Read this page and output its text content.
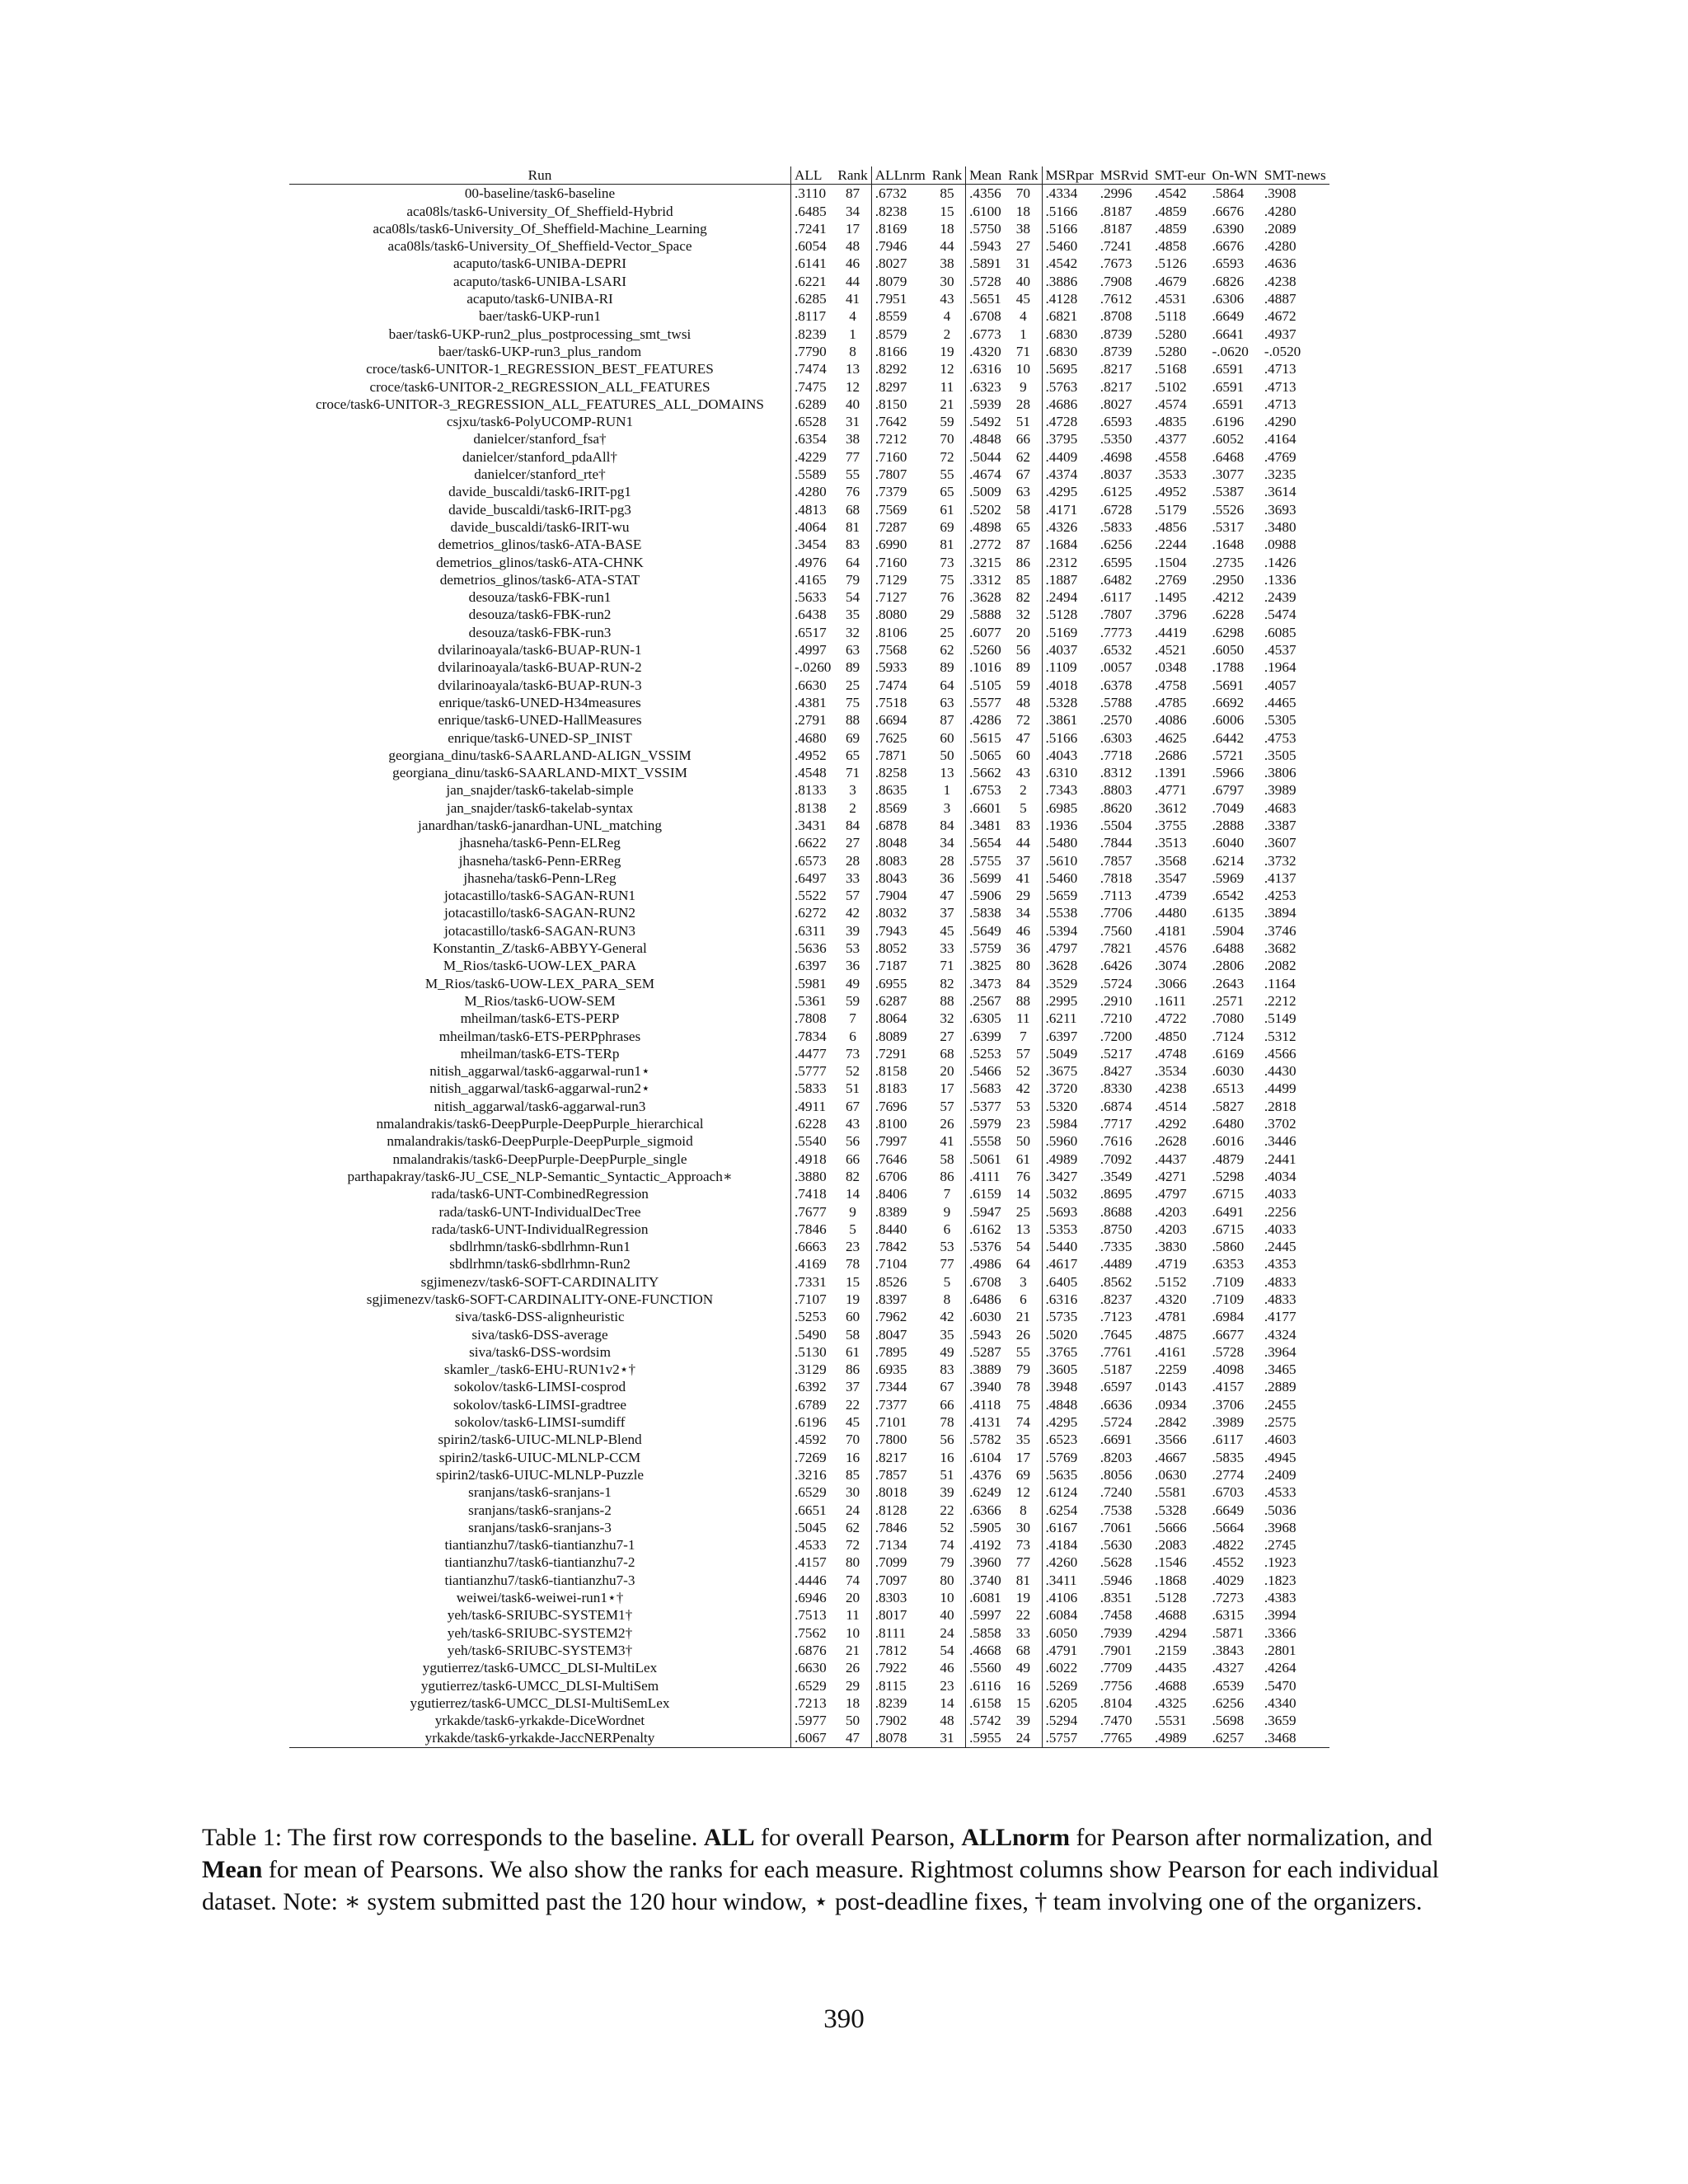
Run	ALL	Rank	ALLnrm	Rank	Mean	Rank	MSRpar	MSRvid	SMT-eur	On-WN	SMT-news
00-baseline/task6-baseline	.3110	87	.6732	85	.4356	70	.4334	.2996	.4542	.5864	.3908
aca08ls/task6-University_Of_Sheffield-Hybrid	.6485	34	.8238	15	.6100	18	.5166	.8187	.4859	.6676	.4280
aca08ls/task6-University_Of_Sheffield-Machine_Learning	.7241	17	.8169	18	.5750	38	.5166	.8187	.4859	.6390	.2089
aca08ls/task6-University_Of_Sheffield-Vector_Space	.6054	48	.7946	44	.5943	27	.5460	.7241	.4858	.6676	.4280
acaputo/task6-UNIBA-DEPRI	.6141	46	.8027	38	.5891	31	.4542	.7673	.5126	.6593	.4636
acaputo/task6-UNIBA-LSARI	.6221	44	.8079	30	.5728	40	.3886	.7908	.4679	.6826	.4238
acaputo/task6-UNIBA-RI	.6285	41	.7951	43	.5651	45	.4128	.7612	.4531	.6306	.4887
baer/task6-UKP-run1	.8117	4	.8559	4	.6708	4	.6821	.8708	.5118	.6649	.4672
baer/task6-UKP-run2_plus_postprocessing_smt_twsi	.8239	1	.8579	2	.6773	1	.6830	.8739	.5280	.6641	.4937
baer/task6-UKP-run3_plus_random	.7790	8	.8166	19	.4320	71	.6830	.8739	.5280	-.0620	-.0520
croce/task6-UNITOR-1_REGRESSION_BEST_FEATURES	.7474	13	.8292	12	.6316	10	.5695	.8217	.5168	.6591	.4713
croce/task6-UNITOR-2_REGRESSION_ALL_FEATURES	.7475	12	.8297	11	.6323	9	.5763	.8217	.5102	.6591	.4713
croce/task6-UNITOR-3_REGRESSION_ALL_FEATURES_ALL_DOMAINS	.6289	40	.8150	21	.5939	28	.4686	.8027	.4574	.6591	.4713
csjxu/task6-PolyUCOMP-RUN1	.6528	31	.7642	59	.5492	51	.4728	.6593	.4835	.6196	.4290
danielcer/stanford_fsa†	.6354	38	.7212	70	.4848	66	.3795	.5350	.4377	.6052	.4164
danielcer/stanford_pdaAll†	.4229	77	.7160	72	.5044	62	.4409	.4698	.4558	.6468	.4769
danielcer/stanford_rte†	.5589	55	.7807	55	.4674	67	.4374	.8037	.3533	.3077	.3235
davide_buscaldi/task6-IRIT-pg1	.4280	76	.7379	65	.5009	63	.4295	.6125	.4952	.5387	.3614
davide_buscaldi/task6-IRIT-pg3	.4813	68	.7569	61	.5202	58	.4171	.6728	.5179	.5526	.3693
davide_buscaldi/task6-IRIT-wu	.4064	81	.7287	69	.4898	65	.4326	.5833	.4856	.5317	.3480
demetrios_glinos/task6-ATA-BASE	.3454	83	.6990	81	.2772	87	.1684	.6256	.2244	.1648	.0988
demetrios_glinos/task6-ATA-CHNK	.4976	64	.7160	73	.3215	86	.2312	.6595	.1504	.2735	.1426
demetrios_glinos/task6-ATA-STAT	.4165	79	.7129	75	.3312	85	.1887	.6482	.2769	.2950	.1336
desouza/task6-FBK-run1	.5633	54	.7127	76	.3628	82	.2494	.6117	.1495	.4212	.2439
desouza/task6-FBK-run2	.6438	35	.8080	29	.5888	32	.5128	.7807	.3796	.6228	.5474
desouza/task6-FBK-run3	.6517	32	.8106	25	.6077	20	.5169	.7773	.4419	.6298	.6085
dvilarinoayala/task6-BUAP-RUN-1	.4997	63	.7568	62	.5260	56	.4037	.6532	.4521	.6050	.4537
dvilarinoayala/task6-BUAP-RUN-2	-.0260	89	.5933	89	.1016	89	.1109	.0057	.0348	.1788	.1964
dvilarinoayala/task6-BUAP-RUN-3	.6630	25	.7474	64	.5105	59	.4018	.6378	.4758	.5691	.4057
enrique/task6-UNED-H34measures	.4381	75	.7518	63	.5577	48	.5328	.5788	.4785	.6692	.4465
enrique/task6-UNED-HallMeasures	.2791	88	.6694	87	.4286	72	.3861	.2570	.4086	.6006	.5305
enrique/task6-UNED-SP_INIST	.4680	69	.7625	60	.5615	47	.5166	.6303	.4625	.6442	.4753
georgiana_dinu/task6-SAARLAND-ALIGN_VSSIM	.4952	65	.7871	50	.5065	60	.4043	.7718	.2686	.5721	.3505
georgiana_dinu/task6-SAARLAND-MIXT_VSSIM	.4548	71	.8258	13	.5662	43	.6310	.8312	.1391	.5966	.3806
jan_snajder/task6-takelab-simple	.8133	3	.8635	1	.6753	2	.7343	.8803	.4771	.6797	.3989
jan_snajder/task6-takelab-syntax	.8138	2	.8569	3	.6601	5	.6985	.8620	.3612	.7049	.4683
janardhan/task6-janardhan-UNL_matching	.3431	84	.6878	84	.3481	83	.1936	.5504	.3755	.2888	.3387
jhasneha/task6-Penn-ELReg	.6622	27	.8048	34	.5654	44	.5480	.7844	.3513	.6040	.3607
jhasneha/task6-Penn-ERReg	.6573	28	.8083	28	.5755	37	.5610	.7857	.3568	.6214	.3732
jhasneha/task6-Penn-LReg	.6497	33	.8043	36	.5699	41	.5460	.7818	.3547	.5969	.4137
jotacastillo/task6-SAGAN-RUN1	.5522	57	.7904	47	.5906	29	.5659	.7113	.4739	.6542	.4253
jotacastillo/task6-SAGAN-RUN2	.6272	42	.8032	37	.5838	34	.5538	.7706	.4480	.6135	.3894
jotacastillo/task6-SAGAN-RUN3	.6311	39	.7943	45	.5649	46	.5394	.7560	.4181	.5904	.3746
Konstantin_Z/task6-ABBYY-General	.5636	53	.8052	33	.5759	36	.4797	.7821	.4576	.6488	.3682
M_Rios/task6-UOW-LEX_PARA	.6397	36	.7187	71	.3825	80	.3628	.6426	.3074	.2806	.2082
M_Rios/task6-UOW-LEX_PARA_SEM	.5981	49	.6955	82	.3473	84	.3529	.5724	.3066	.2643	.1164
M_Rios/task6-UOW-SEM	.5361	59	.6287	88	.2567	88	.2995	.2910	.1611	.2571	.2212
mheilman/task6-ETS-PERP	.7808	7	.8064	32	.6305	11	.6211	.7210	.4722	.7080	.5149
mheilman/task6-ETS-PERPphrases	.7834	6	.8089	27	.6399	7	.6397	.7200	.4850	.7124	.5312
mheilman/task6-ETS-TERp	.4477	73	.7291	68	.5253	57	.5049	.5217	.4748	.6169	.4566
nitish_aggarwal/task6-aggarwal-run1⋆	.5777	52	.8158	20	.5466	52	.3675	.8427	.3534	.6030	.4430
nitish_aggarwal/task6-aggarwal-run2⋆	.5833	51	.8183	17	.5683	42	.3720	.8330	.4238	.6513	.4499
nitish_aggarwal/task6-aggarwal-run3	.4911	67	.7696	57	.5377	53	.5320	.6874	.4514	.5827	.2818
nmalandrakis/task6-DeepPurple-DeepPurple_hierarchical	.6228	43	.8100	26	.5979	23	.5984	.7717	.4292	.6480	.3702
nmalandrakis/task6-DeepPurple-DeepPurple_sigmoid	.5540	56	.7997	41	.5558	50	.5960	.7616	.2628	.6016	.3446
nmalandrakis/task6-DeepPurple-DeepPurple_single	.4918	66	.7646	58	.5061	61	.4989	.7092	.4437	.4879	.2441
parthapakray/task6-JU_CSE_NLP-Semantic_Syntactic_Approach∗	.3880	82	.6706	86	.4111	76	.3427	.3549	.4271	.5298	.4034
rada/task6-UNT-CombinedRegression	.7418	14	.8406	7	.6159	14	.5032	.8695	.4797	.6715	.4033
rada/task6-UNT-IndividualDecTree	.7677	9	.8389	9	.5947	25	.5693	.8688	.4203	.6491	.2256
rada/task6-UNT-IndividualRegression	.7846	5	.8440	6	.6162	13	.5353	.8750	.4203	.6715	.4033
sbdlrhmn/task6-sbdlrhmn-Run1	.6663	23	.7842	53	.5376	54	.5440	.7335	.3830	.5860	.2445
sbdlrhmn/task6-sbdlrhmn-Run2	.4169	78	.7104	77	.4986	64	.4617	.4489	.4719	.6353	.4353
sgjimenezv/task6-SOFT-CARDINALITY	.7331	15	.8526	5	.6708	3	.6405	.8562	.5152	.7109	.4833
sgjimenezv/task6-SOFT-CARDINALITY-ONE-FUNCTION	.7107	19	.8397	8	.6486	6	.6316	.8237	.4320	.7109	.4833
siva/task6-DSS-alignheuristic	.5253	60	.7962	42	.6030	21	.5735	.7123	.4781	.6984	.4177
siva/task6-DSS-average	.5490	58	.8047	35	.5943	26	.5020	.7645	.4875	.6677	.4324
siva/task6-DSS-wordsim	.5130	61	.7895	49	.5287	55	.3765	.7761	.4161	.5728	.3964
skamler_/task6-EHU-RUN1v2⋆†	.3129	86	.6935	83	.3889	79	.3605	.5187	.2259	.4098	.3465
sokolov/task6-LIMSI-cosprod	.6392	37	.7344	67	.3940	78	.3948	.6597	.0143	.4157	.2889
sokolov/task6-LIMSI-gradtree	.6789	22	.7377	66	.4118	75	.4848	.6636	.0934	.3706	.2455
sokolov/task6-LIMSI-sumdiff	.6196	45	.7101	78	.4131	74	.4295	.5724	.2842	.3989	.2575
spirin2/task6-UIUC-MLNLP-Blend	.4592	70	.7800	56	.5782	35	.6523	.6691	.3566	.6117	.4603
spirin2/task6-UIUC-MLNLP-CCM	.7269	16	.8217	16	.6104	17	.5769	.8203	.4667	.5835	.4945
spirin2/task6-UIUC-MLNLP-Puzzle	.3216	85	.7857	51	.4376	69	.5635	.8056	.0630	.2774	.2409
sranjans/task6-sranjans-1	.6529	30	.8018	39	.6249	12	.6124	.7240	.5581	.6703	.4533
sranjans/task6-sranjans-2	.6651	24	.8128	22	.6366	8	.6254	.7538	.5328	.6649	.5036
sranjans/task6-sranjans-3	.5045	62	.7846	52	.5905	30	.6167	.7061	.5666	.5664	.3968
tiantianzhu7/task6-tiantianzhu7-1	.4533	72	.7134	74	.4192	73	.4184	.5630	.2083	.4822	.2745
tiantianzhu7/task6-tiantianzhu7-2	.4157	80	.7099	79	.3960	77	.4260	.5628	.1546	.4552	.1923
tiantianzhu7/task6-tiantianzhu7-3	.4446	74	.7097	80	.3740	81	.3411	.5946	.1868	.4029	.1823
weiwei/task6-weiwei-run1⋆†	.6946	20	.8303	10	.6081	19	.4106	.8351	.5128	.7273	.4383
yeh/task6-SRIUBC-SYSTEM1†	.7513	11	.8017	40	.5997	22	.6084	.7458	.4688	.6315	.3994
yeh/task6-SRIUBC-SYSTEM2†	.7562	10	.8111	24	.5858	33	.6050	.7939	.4294	.5871	.3366
yeh/task6-SRIUBC-SYSTEM3†	.6876	21	.7812	54	.4668	68	.4791	.7901	.2159	.3843	.2801
ygutierrez/task6-UMCC_DLSI-MultiLex	.6630	26	.7922	46	.5560	49	.6022	.7709	.4435	.4327	.4264
ygutierrez/task6-UMCC_DLSI-MultiSem	.6529	29	.8115	23	.6116	16	.5269	.7756	.4688	.6539	.5470
ygutierrez/task6-UMCC_DLSI-MultiSemLex	.7213	18	.8239	14	.6158	15	.6205	.8104	.4325	.6256	.4340
yrkakde/task6-yrkakde-DiceWordnet	.5977	50	.7902	48	.5742	39	.5294	.7470	.5531	.5698	.3659
yrkakde/task6-yrkakde-JaccNERPenalty	.6067	47	.8078	31	.5955	24	.5757	.7765	.4989	.6257	.3468
Table 1: The first row corresponds to the baseline. ALL for overall Pearson, ALLnorm for Pearson after normalization, and Mean for mean of Pearsons. We also show the ranks for each measure. Rightmost columns show Pearson for each individual dataset. Note: ∗ system submitted past the 120 hour window, ⋆ post-deadline fixes, † team involving one of the organizers.
390
